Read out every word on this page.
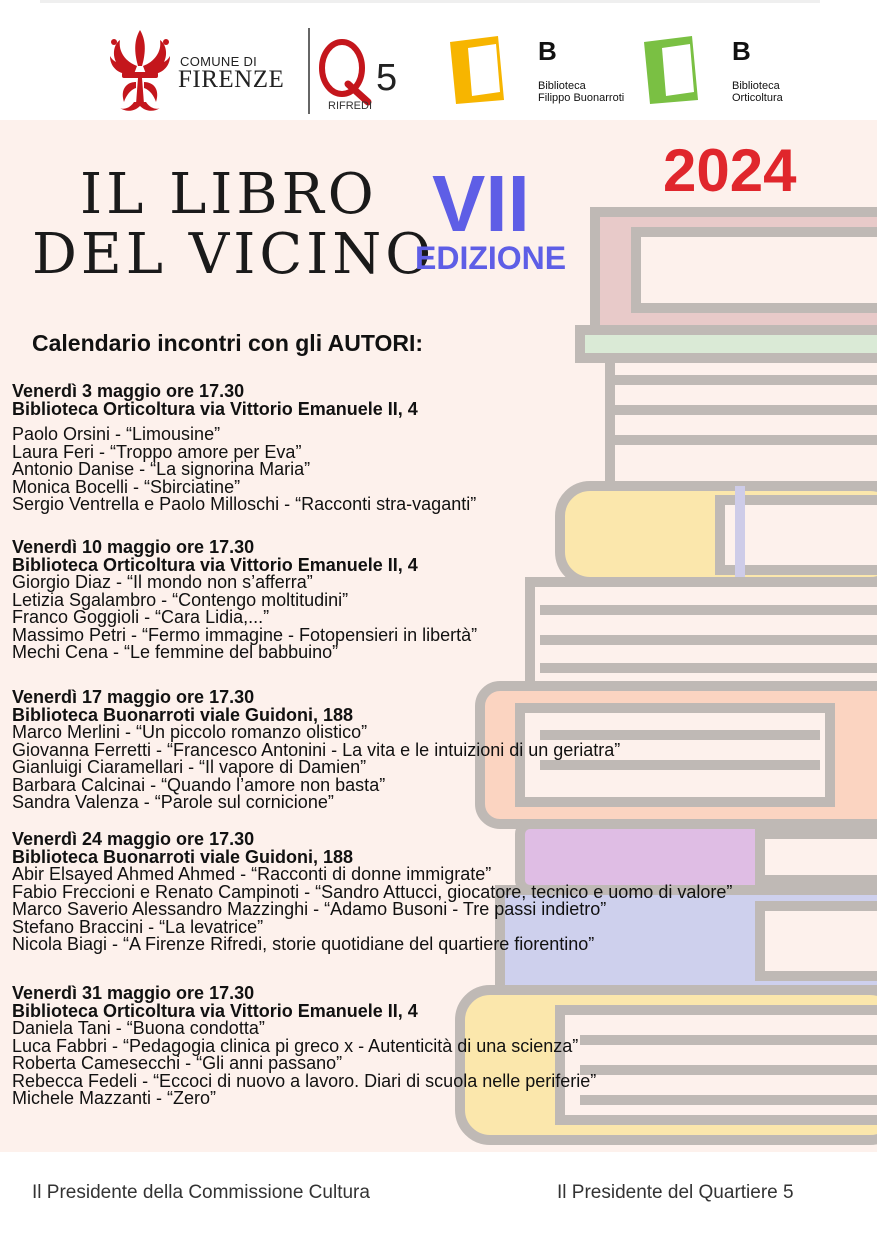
COMUNE DI
FIRENZE 5
RIFREDI
B
Biblioteca
Filippo Buonarroti
B
Biblioteca
Orticoltura
2024
IL LIBRO
DEL VICINO
VII
EDIZIONE
Calendario incontri con gli AUTORI:
Venerdì 3 maggio ore 17.30
Biblioteca Orticoltura via Vittorio Emanuele II, 4
Paolo Orsini - “Limousine”
Laura Feri - “Troppo amore per Eva”
Antonio Danise - “La signorina Maria”
Monica Bocelli - “Sbirciatine”
Sergio Ventrella e Paolo Milloschi - “Racconti stra-vaganti”
Venerdì 10 maggio ore 17.30
Biblioteca Orticoltura via Vittorio Emanuele II, 4
Giorgio Diaz - “Il mondo non s’afferra”
Letizia Sgalambro - “Contengo moltitudini”
Franco Goggioli - “Cara Lidia,...”
Massimo Petri - “Fermo immagine - Fotopensieri in libertà”
Mechi Cena - “Le femmine del babbuino”
Venerdì 17 maggio ore 17.30
Biblioteca Buonarroti viale Guidoni, 188
Marco Merlini - “Un piccolo romanzo olistico”
Giovanna Ferretti - “Francesco Antonini - La vita e le intuizioni di un geriatra”
Gianluigi Ciaramellari - “Il vapore di Damien”
Barbara Calcinai - “Quando l’amore non basta”
Sandra Valenza - “Parole sul cornicione”
Venerdì 24 maggio ore 17.30
Biblioteca Buonarroti viale Guidoni, 188
Abir Elsayed Ahmed Ahmed - “Racconti di donne immigrate”
Fabio Freccioni e Renato Campinoti - “Sandro Attucci, giocatore, tecnico e uomo di valore”
Marco Saverio Alessandro Mazzinghi - “Adamo Busoni - Tre passi indietro”
Stefano Braccini - “La levatrice”
Nicola Biagi - “A Firenze Rifredi, storie quotidiane del quartiere fiorentino”
Venerdì 31 maggio ore 17.30
Biblioteca Orticoltura via Vittorio Emanuele II, 4
Daniela Tani - “Buona condotta”
Luca Fabbri - “Pedagogia clinica pi greco x - Autenticità di una scienza”
Roberta Camesecchi - “Gli anni passano”
Rebecca Fedeli - “Eccoci di nuovo a lavoro. Diari di scuola nelle periferie”
Michele Mazzanti - “Zero”
Il Presidente della Commissione Cultura	Il Presidente del Quartiere 5
